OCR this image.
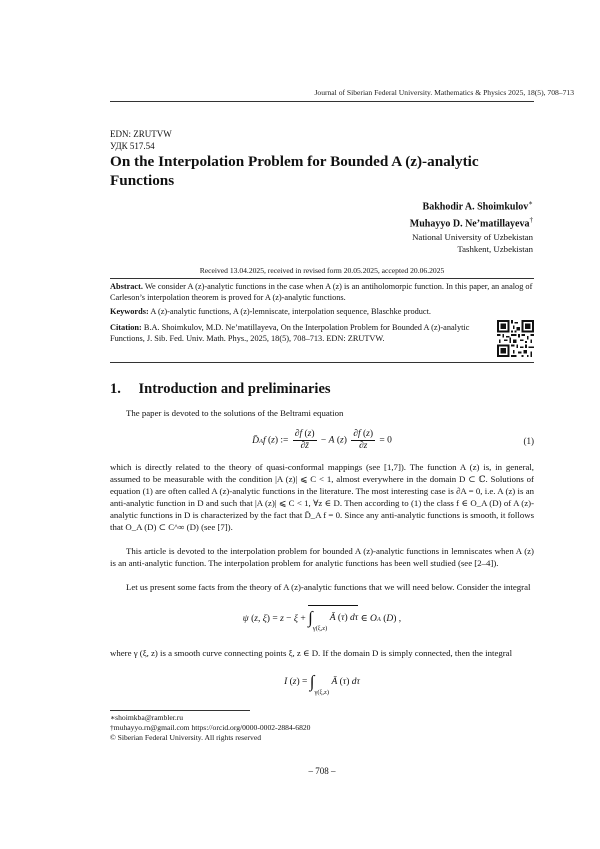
Journal of Siberian Federal University. Mathematics & Physics 2025, 18(5), 708–713
EDN: ZRUTVW
УДК 517.54
On the Interpolation Problem for Bounded A (z)-analytic Functions
Bakhodir A. Shoimkulov∗
Muhayyo D. Ne’matillayeva†
National University of Uzbekistan
Tashkent, Uzbekistan
Received 13.04.2025, received in revised form 20.05.2025, accepted 20.06.2025
Abstract. We consider A (z)-analytic functions in the case when A (z) is an antiholomorpic function. In this paper, an analog of Carleson’s interpolation theorem is proved for A (z)-analytic functions.
Keywords: A (z)-analytic functions, A (z)-lemniscate, interpolation sequence, Blaschke product.
Citation: B.A. Shoimkulov, M.D. Ne’matillayeva, On the Interpolation Problem for Bounded A (z)-analytic Functions, J. Sib. Fed. Univ. Math. Phys., 2025, 18(5), 708–713. EDN: ZRUTVW.
1. Introduction and preliminaries
The paper is devoted to the solutions of the Beltrami equation
D̄Af (z) := $\frac{\partial f (z)}{\partial z̄} - A$ $(z) \frac{\partial f (z)}{\partial z} = 0$	(1)
which is directly related to the theory of quasi-conformal mappings (see [1,7]). The function A (z) is, in general, assumed to be measurable with the condition |A (z)| ⩽ C < 1, almost everywhere in the domain D ⊂ ℂ. Solutions of equation (1) are often called A (z)-analytic functions in the literature. The most interesting case is ∂A = 0, i.e. A (z) is an anti-analytic function in D and such that |A (z)| ⩽ C < 1, ∀z ∈ D. Then according to (1) the class f ∈ O_A (D) of A (z)-analytic functions in D is characterized by the fact that D̄_A f = 0. Since any anti-analytic functions is smooth, it follows that O_A (D) ⊂ C^∞ (D) (see [7]).
This article is devoted to the interpolation problem for bounded A (z)-analytic functions in lemniscates when A (z) is an anti-analytic function. The interpolation problem for analytic functions has been well studied (see [2–4]).
Let us present some facts from the theory of A (z)-analytic functions that we will need below. Consider the integral
ψ (z, $\xi) = z - \xi + \int_{\gamma(\xi,z)}$ Ā (τ) dτ ∈ OA (D) ,
where γ (ξ, z) is a smooth curve connecting points ξ, z ∈ D. If the domain D is simply connected, then the integral
I $(z) = \int_{\gamma(\xi,z)}$ Ā (τ) dτ
∗shoimkba@rambler.ru
†muhayyo.rn@gmail.com https://orcid.org/0000-0002-2884-6820
© Siberian Federal University. All rights reserved
– 708 –
